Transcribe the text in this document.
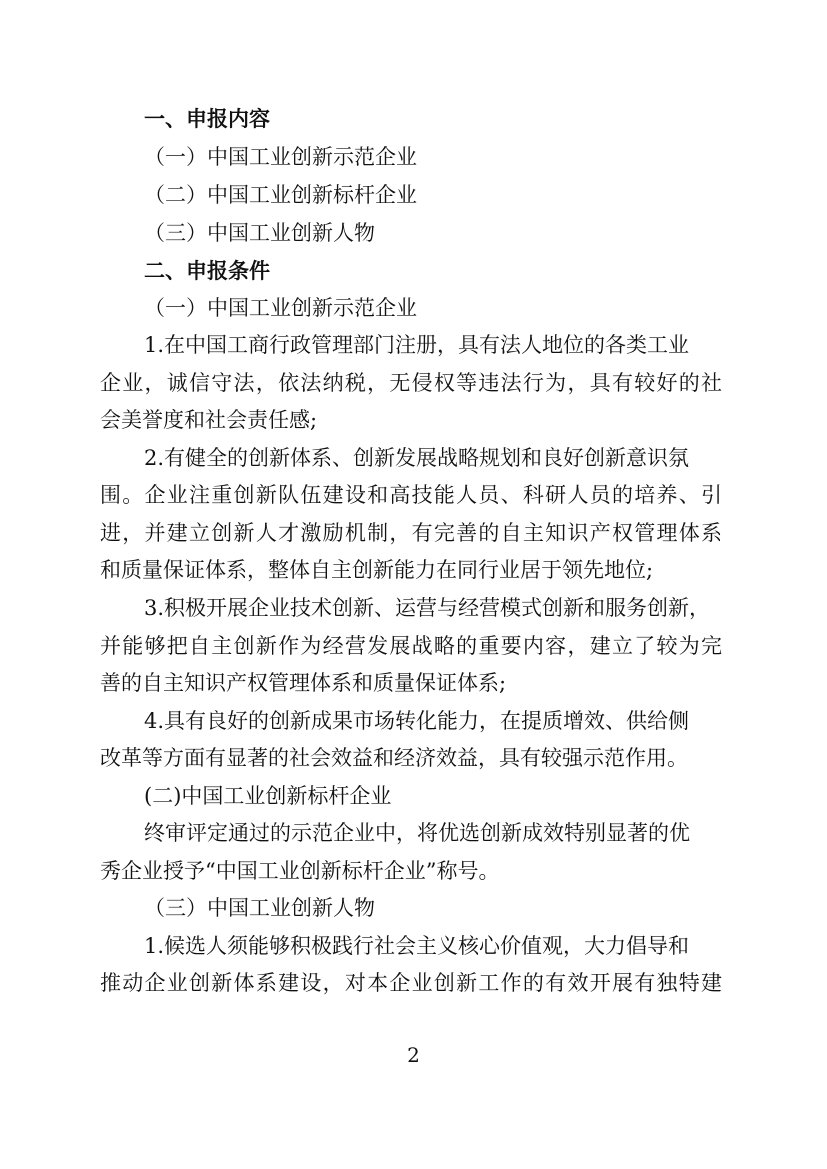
一、申报内容
（一）中国工业创新示范企业
（二）中国工业创新标杆企业
（三）中国工业创新人物
二、申报条件
（一）中国工业创新示范企业
1.在中国工商行政管理部门注册，具有法人地位的各类工业
企业，诚信守法，依法纳税，无侵权等违法行为，具有较好的社
会美誉度和社会责任感;
2.有健全的创新体系、创新发展战略规划和良好创新意识氛
围。企业注重创新队伍建设和高技能人员、科研人员的培养、引
进，并建立创新人才激励机制，有完善的自主知识产权管理体系
和质量保证体系，整体自主创新能力在同行业居于领先地位;
3.积极开展企业技术创新、运营与经营模式创新和服务创新，
并能够把自主创新作为经营发展战略的重要内容，建立了较为完
善的自主知识产权管理体系和质量保证体系;
4.具有良好的创新成果市场转化能力，在提质增效、供给侧
改革等方面有显著的社会效益和经济效益，具有较强示范作用。
(二)中国工业创新标杆企业
终审评定通过的示范企业中，将优选创新成效特别显著的优
秀企业授予“中国工业创新标杆企业”称号。
（三）中国工业创新人物
1.候选人须能够积极践行社会主义核心价值观，大力倡导和
推动企业创新体系建设，对本企业创新工作的有效开展有独特建
2
